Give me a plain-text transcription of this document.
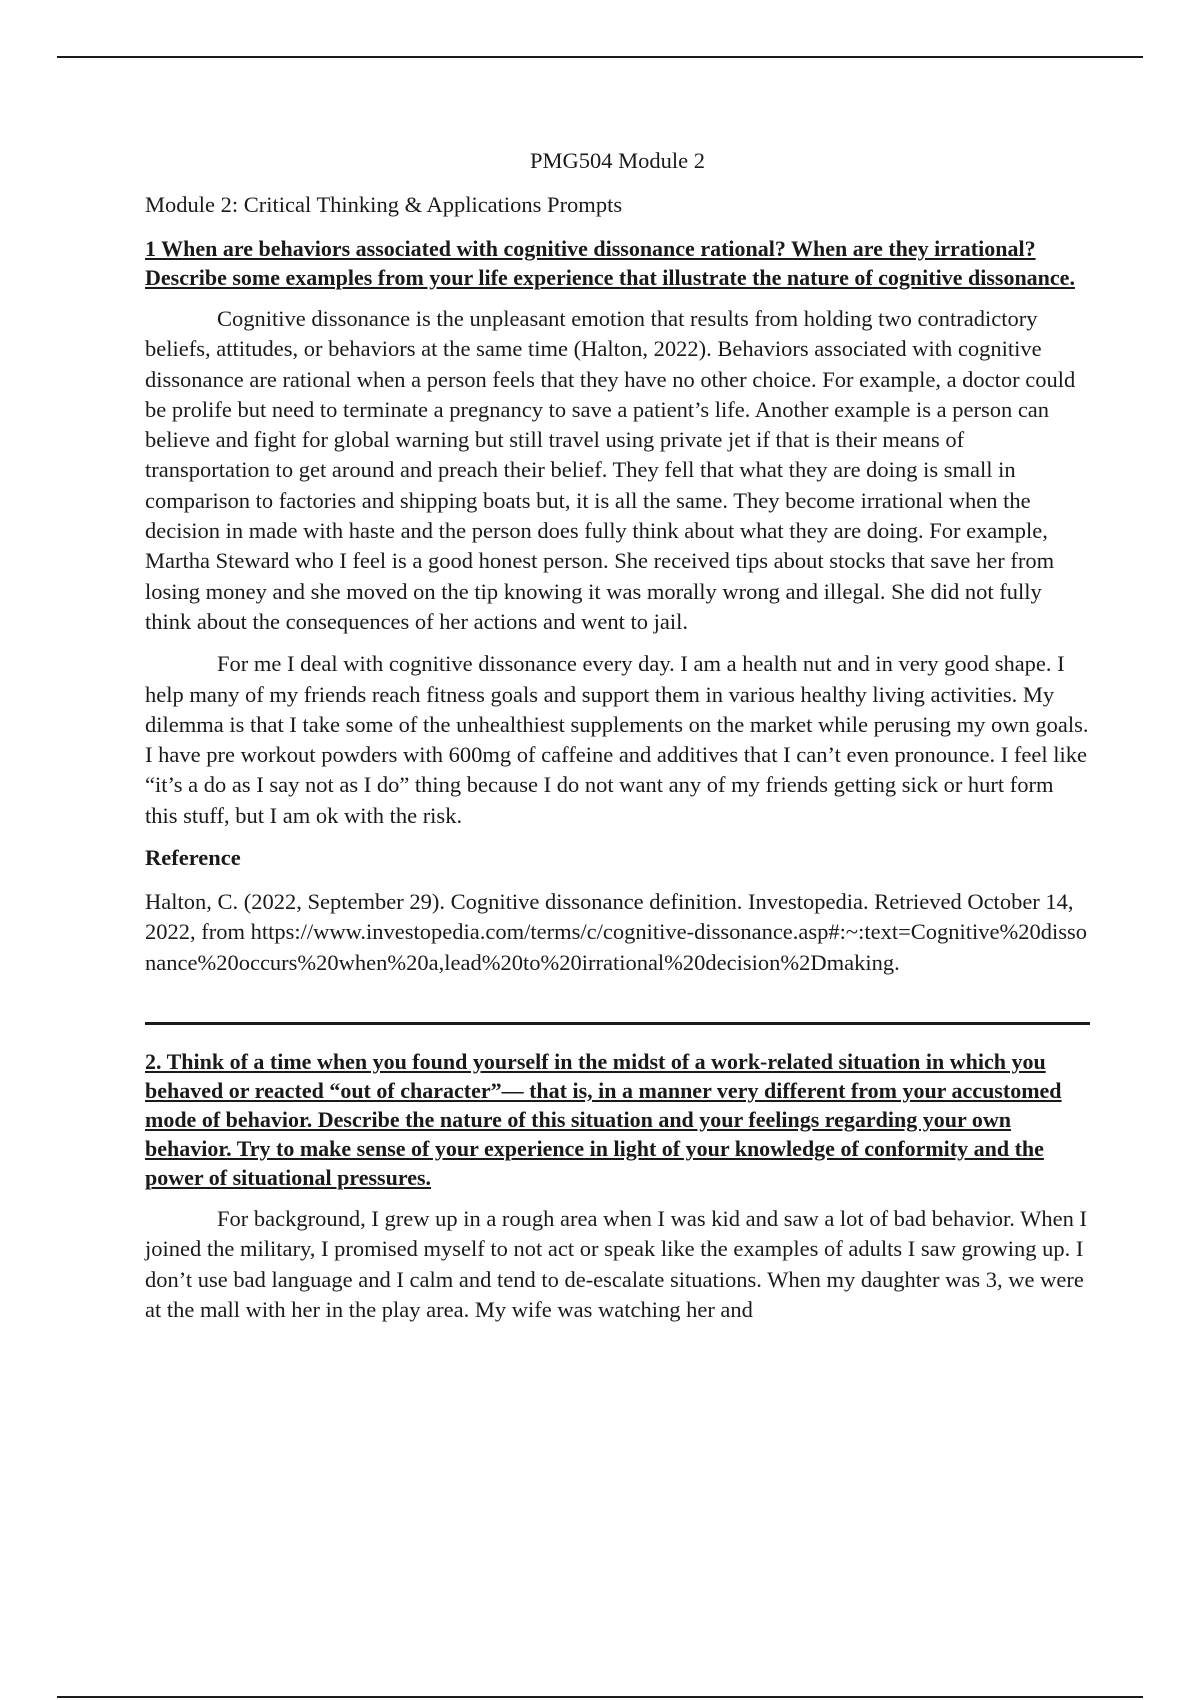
PMG504 Module 2

Module 2: Critical Thinking & Applications Prompts

1 When are behaviors associated with cognitive dissonance rational? When are they irrational? Describe some examples from your life experience that illustrate the nature of cognitive dissonance.

Cognitive dissonance is the unpleasant emotion that results from holding two contradictory beliefs, attitudes, or behaviors at the same time (Halton, 2022). Behaviors associated with cognitive dissonance are rational when a person feels that they have no other choice. For example, a doctor could be prolife but need to terminate a pregnancy to save a patient’s life. Another example is a person can believe and fight for global warning but still travel using private jet if that is their means of transportation to get around and preach their belief. They fell that what they are doing is small in comparison to factories and shipping boats but, it is all the same. They become irrational when the decision in made with haste and the person does fully think about what they are doing. For example, Martha Steward who I feel is a good honest person. She received tips about stocks that save her from losing money and she moved on the tip knowing it was morally wrong and illegal. She did not fully think about the consequences of her actions and went to jail.

For me I deal with cognitive dissonance every day. I am a health nut and in very good shape. I help many of my friends reach fitness goals and support them in various healthy living activities. My dilemma is that I take some of the unhealthiest supplements on the market while perusing my own goals. I have pre workout powders with 600mg of caffeine and additives that I can’t even pronounce. I feel like “it’s a do as I say not as I do” thing because I do not want any of my friends getting sick or hurt form this stuff, but I am ok with the risk.

Reference

Halton, C. (2022, September 29). Cognitive dissonance definition. Investopedia. Retrieved October 14, 2022, from https://www.investopedia.com/terms/c/cognitive-dissonance.asp#:~:text=Cognitive%20dissonance%20occurs%20when%20a,lead%20to%20irrational%20decision%2Dmaking.

2. Think of a time when you found yourself in the midst of a work-related situation in which you behaved or reacted “out of character”— that is, in a manner very different from your accustomed mode of behavior. Describe the nature of this situation and your feelings regarding your own behavior. Try to make sense of your experience in light of your knowledge of conformity and the power of situational pressures.

For background, I grew up in a rough area when I was kid and saw a lot of bad behavior. When I joined the military, I promised myself to not act or speak like the examples of adults I saw growing up. I don’t use bad language and I calm and tend to de-escalate situations. When my daughter was 3, we were at the mall with her in the play area. My wife was watching her and
